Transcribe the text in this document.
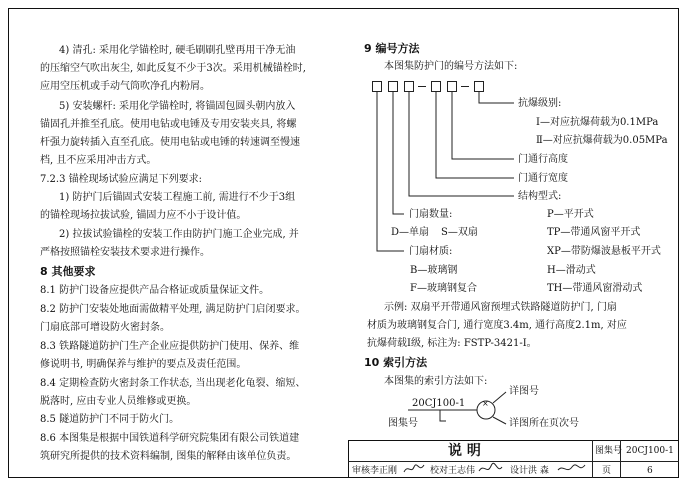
4) 清孔: 采用化学锚栓时, 硬毛刷刷孔壁再用干净无油
的压缩空气吹出灰尘, 如此反复不少于3次。采用机械锚栓时,
应用空压机或手动气筒吹净孔内粉屑。
5) 安装螺杆: 采用化学锚栓时, 将锚固包圆头朝内放入
锚固孔并推至孔底。使用电钻或电锤及专用安装夹具, 将螺
杆强力旋转插入直至孔底。使用电钻或电锤的转速调至慢速
档, 且不应采用冲击方式。
7.2.3 锚栓现场试验应满足下列要求:
1) 防护门后锚固式安装工程施工前, 需进行不少于3组
的锚栓现场拉拔试验, 锚固力应不小于设计值。
2) 拉拔试验锚栓的安装工作由防护门施工企业完成, 并
严格按照锚栓安装技术要求进行操作。
8 其他要求
8.1 防护门设备应提供产品合格证或质量保证文件。
8.2 防护门安装处地面需做精平处理, 满足防护门启闭要求。
门扇底部可增设防火密封条。
8.3 铁路隧道防护门生产企业应提供防护门使用、保养、维
修说明书, 明确保养与维护的要点及责任范围。
8.4 定期检查防火密封条工作状态, 当出现老化龟裂、缩短、
脱落时, 应由专业人员维修或更换。
8.5 隧道防护门不同于防火门。
8.6 本图集是根据中国铁道科学研究院集团有限公司铁道建
筑研究所提供的技术资料编制, 图集的解释由该单位负责。
9 编号方法
本图集防护门的编号方法如下:
抗爆级别:
Ⅰ—对应抗爆荷载为0.1MPa
Ⅱ—对应抗爆荷载为0.05MPa
门通行高度
门通行宽度
结构型式:
门扇数量:	P—平开式
D—单扇 S—双扇	TP—带通风窗平开式
门扇材质:	XP—带防爆波悬板平开式
B—玻璃钢	H—滑动式
F—玻璃钢复合	TH—带通风窗滑动式
示例: 双扇平开带通风窗预埋式铁路隧道防护门, 门扇
材质为玻璃钢复合门, 通行宽度3.4m, 通行高度2.1m, 对应
抗爆荷载Ⅰ级, 标注为: FSTP-3421-Ⅰ。
10 索引方法
本图集的索引方法如下:
×
详图号
20CJ100-1
图集号	详图所在页次号
说 明	图集号 20CJ100-1
审核 李正刚	校对 王志伟	设计 洪 森	页	6
